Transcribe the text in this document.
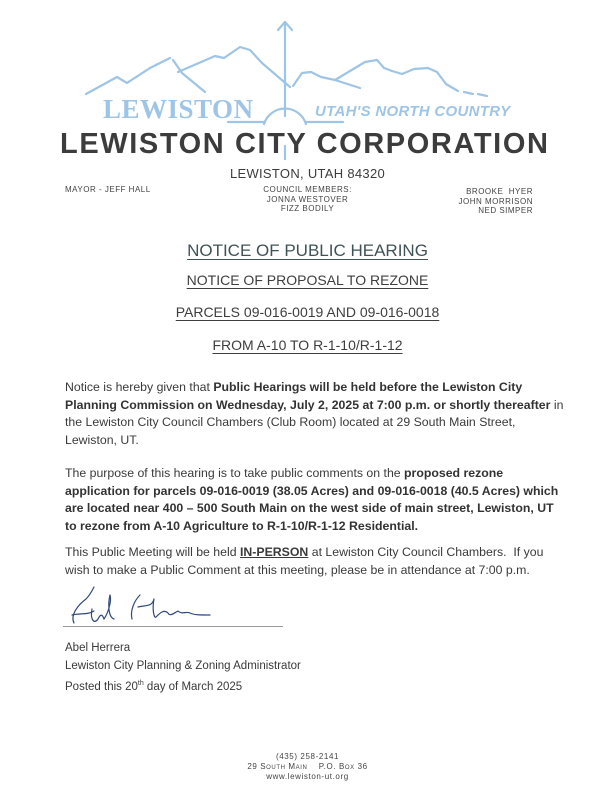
LEWISTON	UTAH'S NORTH COUNTRY
LEWISTON CITY CORPORATION
LEWISTON, UTAH 84320
MAYOR - JEFF HALL	COUNCIL MEMBERS:
JONNA WESTOVER
FIZZ BODILY
BROOKE  HYER
JOHN MORRISON
NED SIMPER
NOTICE OF PUBLIC HEARING
NOTICE OF PROPOSAL TO REZONE
PARCELS 09-016-0019 AND 09-016-0018
FROM A-10 TO R-1-10/R-1-12
Notice is hereby given that Public Hearings will be held before the Lewiston City Planning Commission on Wednesday, July 2, 2025 at 7:00 p.m. or shortly thereafter in the Lewiston City Council Chambers (Club Room) located at 29 South Main Street, Lewiston, UT.
The purpose of this hearing is to take public comments on the proposed rezone application for parcels 09-016-0019 (38.05 Acres) and 09-016-0018 (40.5 Acres) which are located near 400 – 500 South Main on the west side of main street, Lewiston, UT to rezone from A-10 Agriculture to R-1-10/R-1-12 Residential.
This Public Meeting will be held IN-PERSON at Lewiston City Council Chambers.  If you wish to make a Public Comment at this meeting, please be in attendance at 7:00 p.m.
Abel Herrera
Lewiston City Planning & Zoning Administrator
Posted this 20th day of March 2025
(435) 258-2141
29 South Main P.O. Box 36
www.lewiston-ut.org
